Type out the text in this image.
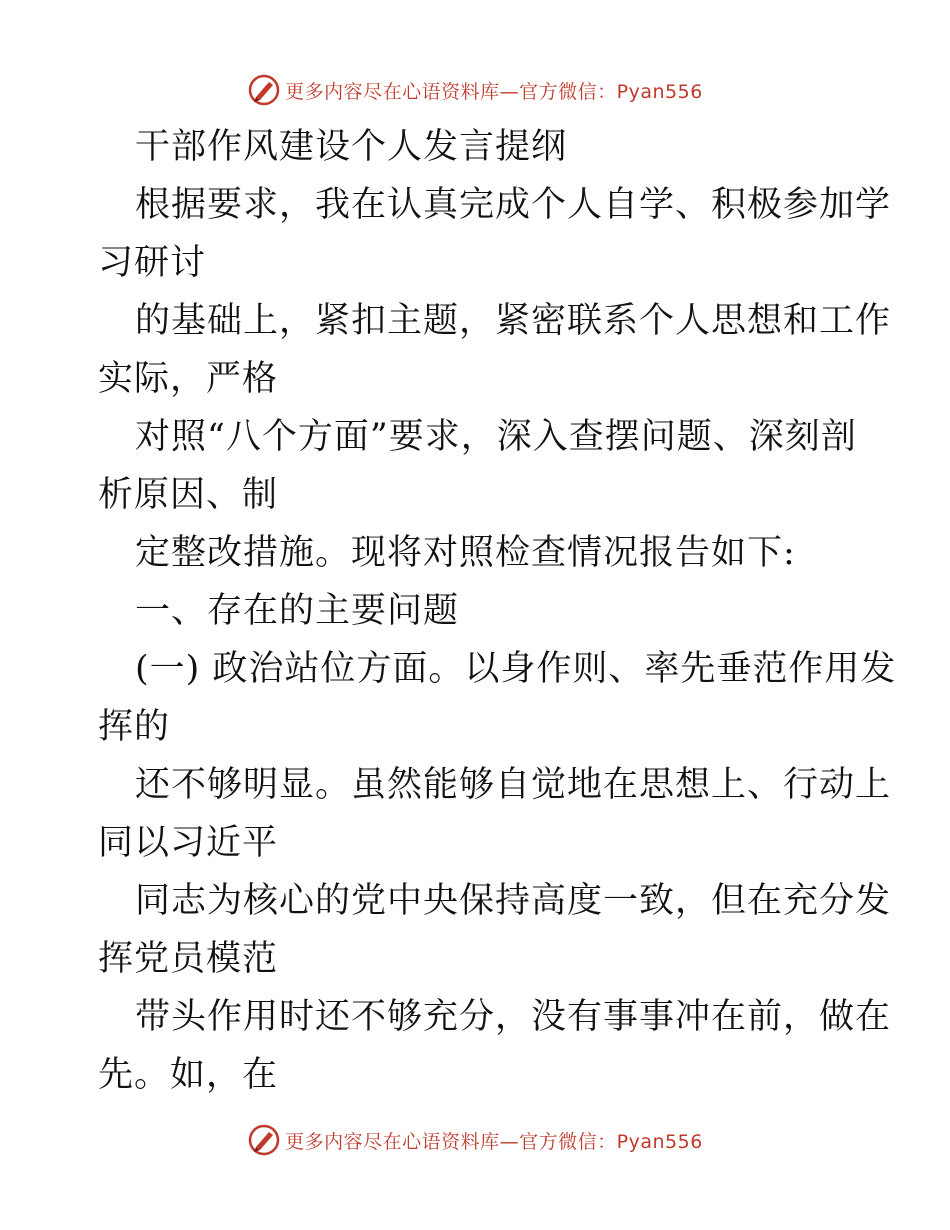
更多内容尽在心语资料库—官方微信：Pyan556
干部作风建设个人发言提纲
根据要求，我在认真完成个人自学、积极参加学
习研讨
的基础上，紧扣主题，紧密联系个人思想和工作
实际，严格
对照“八个方面”要求，深入查摆问题、深刻剖
析原因、制
定整改措施。现将对照检查情况报告如下:
一、存在的主要问题
(一) 政治站位方面。以身作则、率先垂范作用发
挥的
还不够明显。虽然能够自觉地在思想上、行动上
同以习近平
同志为核心的党中央保持高度一致，但在充分发
挥党员模范
带头作用时还不够充分，没有事事冲在前，做在
先。如，在
更多内容尽在心语资料库—官方微信：Pyan556
